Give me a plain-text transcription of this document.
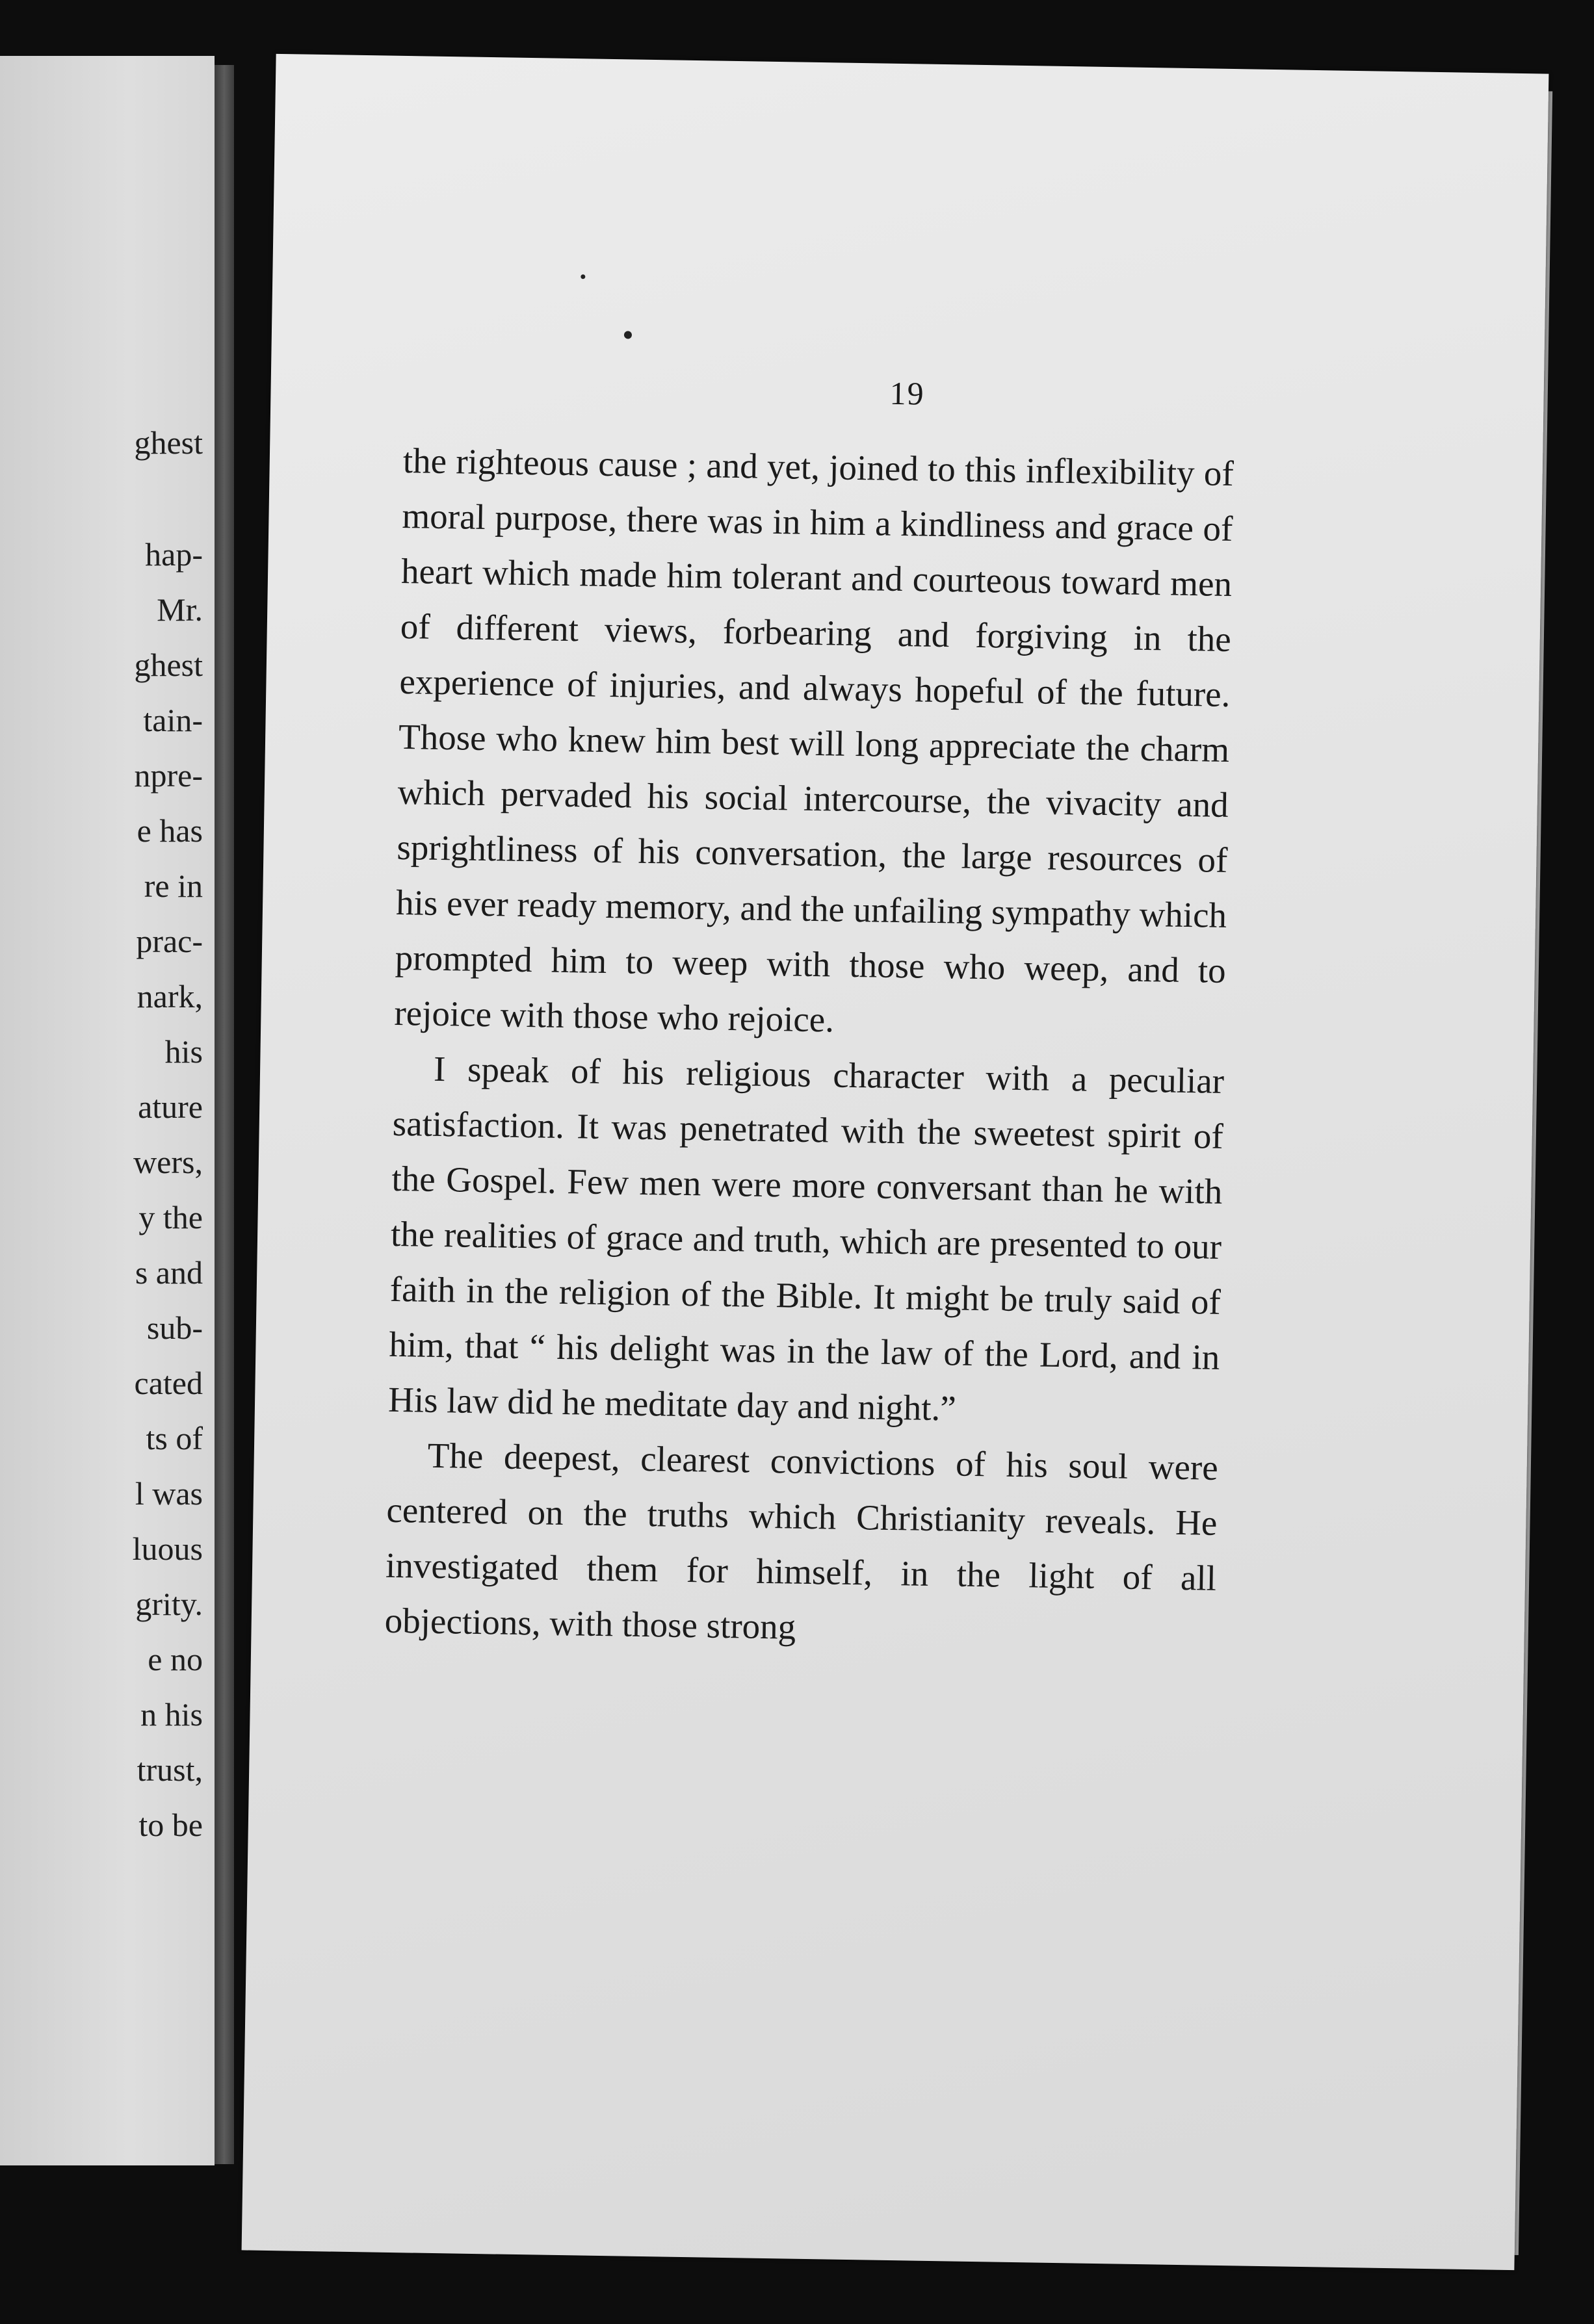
ghest
hap-
Mr.
ghest
tain-
npre-
e has
re in
prac-
nark,
his
ature
wers,
y the
s and
sub-
cated
ts of
l was
luous
grity.
e no
n his
trust,
to be
19

the righteous cause ; and yet, joined to this inflexibility of moral purpose, there was in him a kindliness and grace of heart which made him tolerant and courteous toward men of different views, forbearing and forgiving in the experience of injuries, and always hopeful of the future. Those who knew him best will long appreciate the charm which pervaded his social intercourse, the vivacity and sprightliness of his conversation, the large resources of his ever ready memory, and the unfailing sympathy which prompted him to weep with those who weep, and to rejoice with those who rejoice.

I speak of his religious character with a peculiar satisfaction. It was penetrated with the sweetest spirit of the Gospel. Few men were more conversant than he with the realities of grace and truth, which are presented to our faith in the religion of the Bible. It might be truly said of him, that “ his delight was in the law of the Lord, and in His law did he meditate day and night.”

The deepest, clearest convictions of his soul were centered on the truths which Christianity reveals. He investigated them for himself, in the light of all objections, with those strong
